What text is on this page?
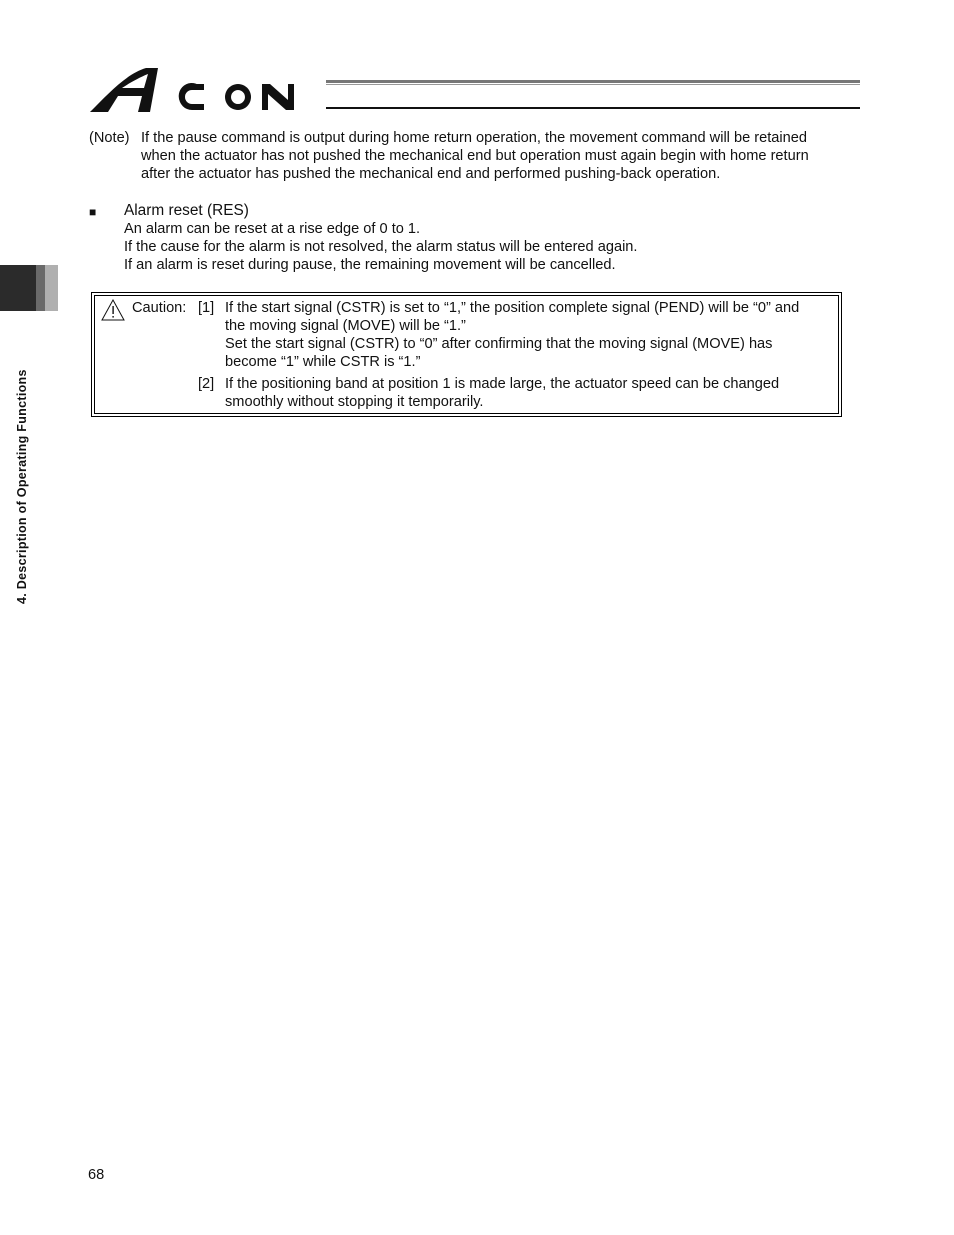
4. Description of Operating Functions
(Note) If the pause command is output during home return operation, the movement command will be retained
when the actuator has not pushed the mechanical end but operation must again begin with home return
after the actuator has pushed the mechanical end and performed pushing-back operation.
■ Alarm reset (RES)
An alarm can be reset at a rise edge of 0 to 1.
If the cause for the alarm is not resolved, the alarm status will be entered again.
If an alarm is reset during pause, the remaining movement will be cancelled.
Caution: [1] If the start signal (CSTR) is set to “1,” the position complete signal (PEND) will be “0” and
the moving signal (MOVE) will be “1.”
Set the start signal (CSTR) to “0” after confirming that the moving signal (MOVE) has
become “1” while CSTR is “1.”
[2] If the positioning band at position 1 is made large, the actuator speed can be changed
smoothly without stopping it temporarily.
68
